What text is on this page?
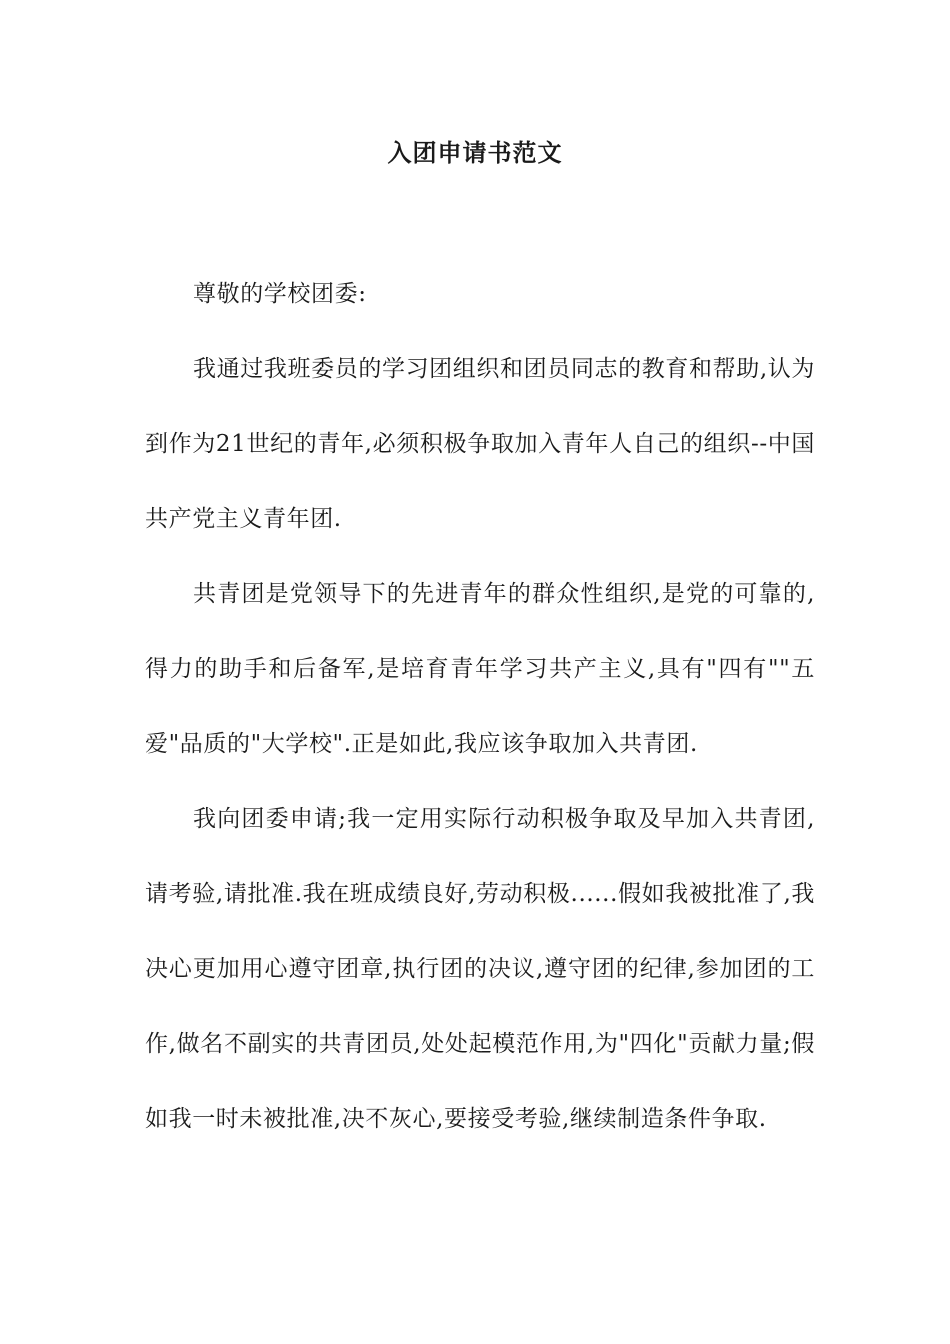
入团申请书范文

尊敬的学校团委:

我通过我班委员的学习团组织和团员同志的教育和帮助,认为到作为21世纪的青年,必须积极争取加入青年人自己的组织--中国共产党主义青年团.

共青团是党领导下的先进青年的群众性组织,是党的可靠的,得力的助手和后备军,是培育青年学习共产主义,具有"四有""五爱"品质的"大学校".正是如此,我应该争取加入共青团.

我向团委申请;我一定用实际行动积极争取及早加入共青团,请考验,请批准.我在班成绩良好,劳动积极......假如我被批准了,我决心更加用心遵守团章,执行团的决议,遵守团的纪律,参加团的工作,做名不副实的共青团员,处处起模范作用,为"四化"贡献力量;假如我一时未被批准,决不灰心,要接受考验,继续制造条件争取.
